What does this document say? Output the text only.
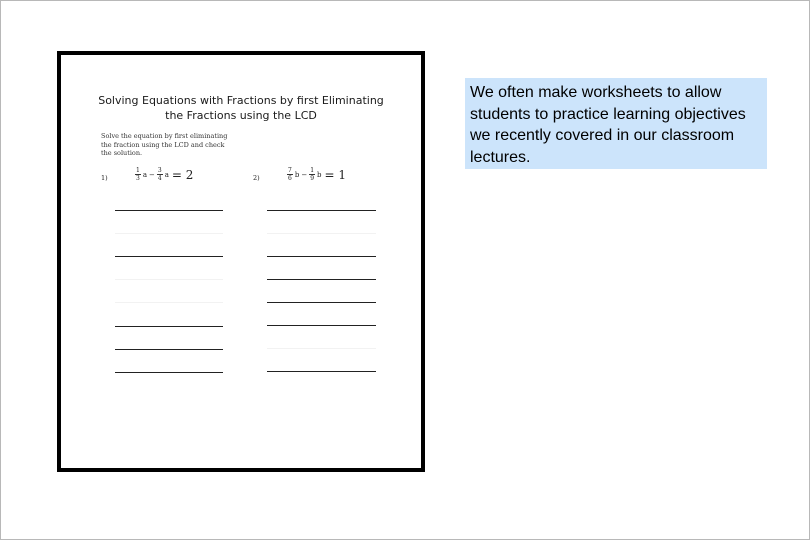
Solving Equations with Fractions by first Eliminating
the Fractions using the LCD
Solve the equation by first eliminating
the fraction using the LCD and check
the solution.
1)	$\frac{1}{3}$ $a - \frac{3}{4}$ a = 2	2)	$\frac{7}{6}$ $b - \frac{1}{9}$ b = 1
We often make worksheets to allow students to practice learning objectives we recently covered in our classroom lectures.
